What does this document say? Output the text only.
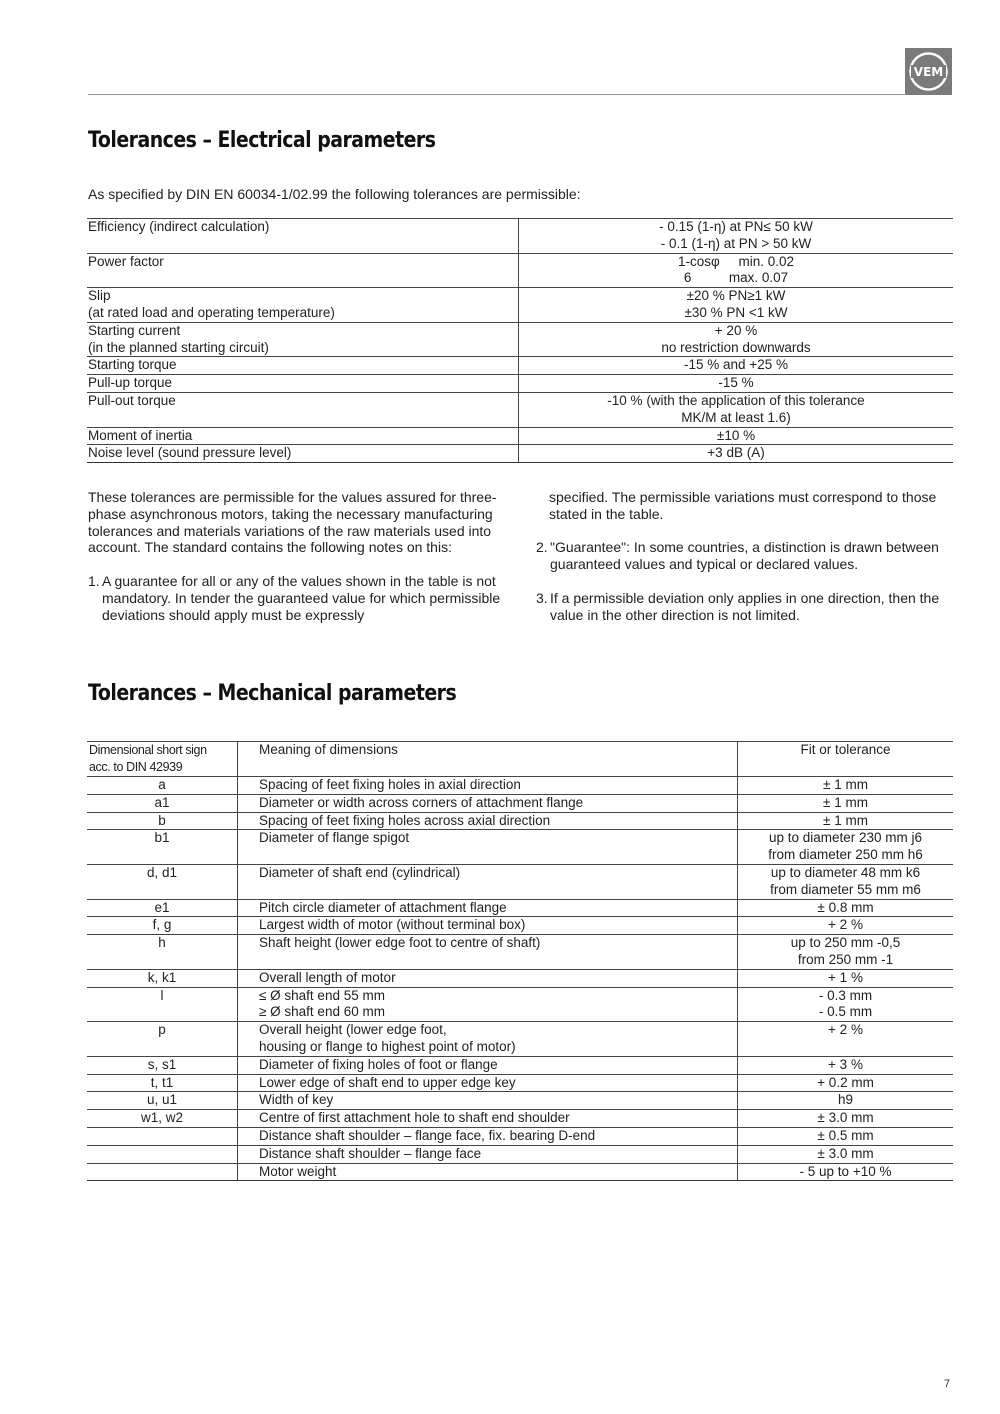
VEM
Tolerances – Electrical parameters
As specified by DIN EN 60034-1/02.99 the following tolerances are permissible:
Efficiency (indirect calculation)	- 0.15 (1-η) at PN≤ 50 kW
- 0.1 (1-η) at PN > 50 kW

Power factor	1-cosφ     min. 0.02
6          max. 0.07

Slip
(at rated load and operating temperature)	±20 % PN≥1 kW
±30 % PN <1 kW

Starting current
(in the planned starting circuit)	+ 20 %
no restriction downwards

Starting torque	-15 % and +25 %

Pull-up torque	-15 %

Pull-out torque	-10 % (with the application of this tolerance
MK/M at least 1.6)

Moment of inertia	±10 %

Noise level (sound pressure level)	+3 dB (A)

These tolerances are permissible for the values assured for three-phase asynchronous motors, taking the necessary manufacturing tolerances and materials variations of the raw materials used into account. The standard contains the following notes on this:

1. A guarantee for all or any of the values shown in the table is not mandatory. In tender the guaranteed value for which permissible deviations should apply must be expressly

specified. The permissible variations must correspond to those stated in the table.

2. "Guarantee": In some countries, a distinction is drawn between guaranteed values and typical or declared values.
3. If a permissible deviation only applies in one direction, then the value in the other direction is not limited.
Tolerances – Mechanical parameters
Dimensional short sign
acc. to DIN 42939	Meaning of dimensions	Fit or tolerance
a	Spacing of feet fixing holes in axial direction	± 1 mm

a1	Diameter or width across corners of attachment flange	± 1 mm

b	Spacing of feet fixing holes across axial direction	± 1 mm

b1	Diameter of flange spigot	up to diameter 230 mm j6
from diameter 250 mm h6

d, d1	Diameter of shaft end (cylindrical)	up to diameter 48 mm k6
from diameter 55 mm m6

e1	Pitch circle diameter of attachment flange	± 0.8 mm

f, g	Largest width of motor (without terminal box)	+ 2 %

h	Shaft height (lower edge foot to centre of shaft)	up to 250 mm -0,5
from 250 mm -1

k, k1	Overall length of motor	+ 1 %

l	≤ Ø shaft end 55 mm
≥ Ø shaft end 60 mm	- 0.3 mm
- 0.5 mm

p	Overall height (lower edge foot,
housing or flange to highest point of motor)	+ 2 %

s, s1	Diameter of fixing holes of foot or flange	+ 3 %

t, t1	Lower edge of shaft end to upper edge key	+ 0.2 mm

u, u1	Width of key	h9

w1, w2	Centre of first attachment hole to shaft end shoulder	± 3.0 mm

	Distance shaft shoulder – flange face, fix. bearing D-end	± 0.5 mm

	Distance shaft shoulder – flange face	± 3.0 mm

	Motor weight	- 5 up to +10 %
7
